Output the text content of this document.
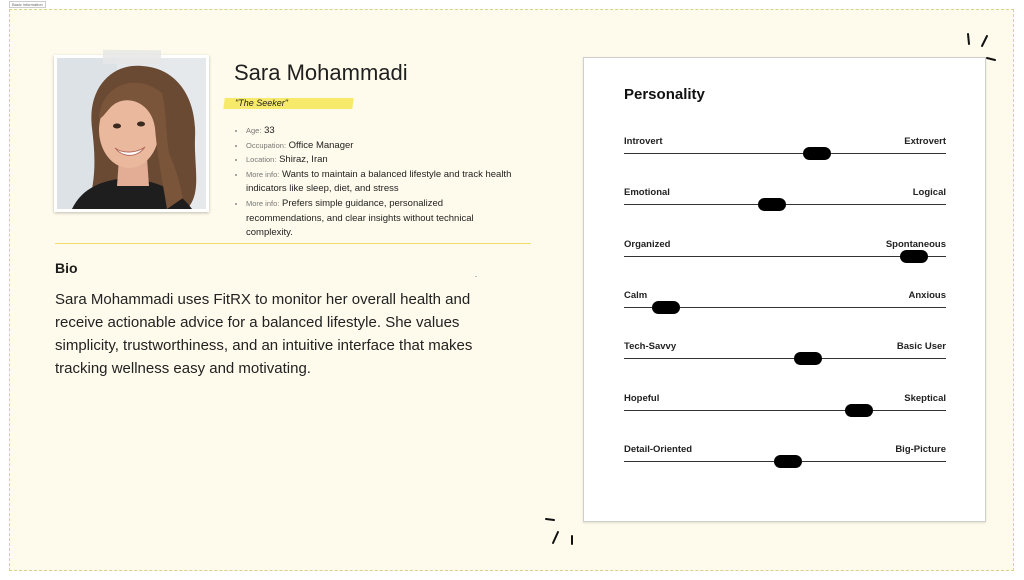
Basic information
Sara Mohammadi
"The Seeker"
• Age: 33
• Occupation: Office Manager
• Location: Shiraz, Iran
• More info: Wants to maintain a balanced lifestyle and track health indicators like sleep, diet, and stress
• More info: Prefers simple guidance, personalized recommendations, and clear insights without technical complexity.
Bio
Sara Mohammadi uses FitRX to monitor her overall health and receive actionable advice for a balanced lifestyle. She values simplicity, trustworthiness, and an intuitive interface that makes tracking wellness easy and motivating.
Personality
Introvert	Extrovert
Emotional	Logical
Organized	Spontaneous
Calm	Anxious
Tech-Savvy	Basic User
Hopeful	Skeptical
Detail-Oriented	Big-Picture
